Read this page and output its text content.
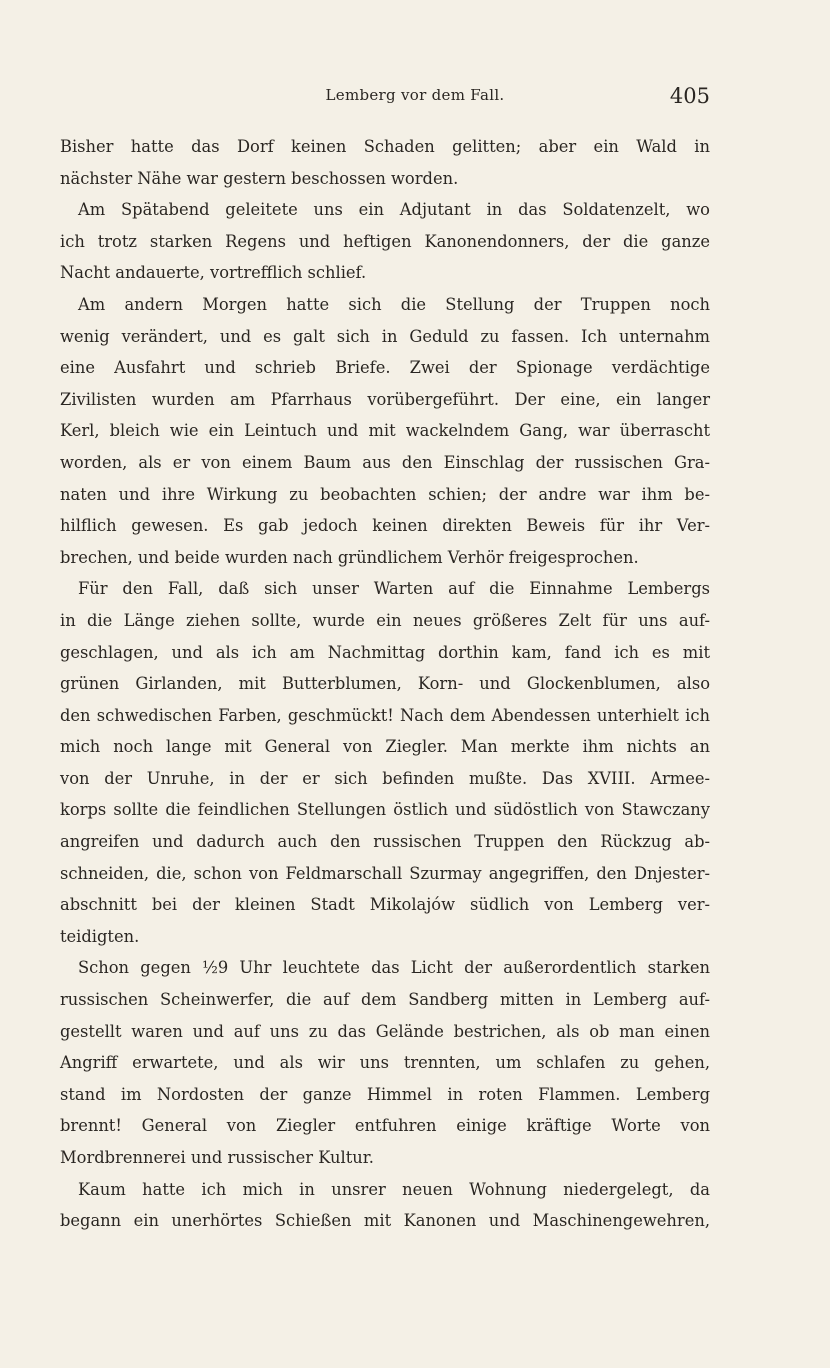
Lemberg vor dem Fall.	405
Bisher hatte das Dorf keinen Schaden gelitten; aber ein Wald in
nächster Nähe war gestern beschossen worden.
Am Spätabend geleitete uns ein Adjutant in das Soldatenzelt, wo
ich trotz starken Regens und heftigen Kanonendonners, der die ganze
Nacht andauerte, vortrefflich schlief.
Am andern Morgen hatte sich die Stellung der Truppen noch
wenig verändert, und es galt sich in Geduld zu fassen. Ich unternahm
eine Ausfahrt und schrieb Briefe. Zwei der Spionage verdächtige
Zivilisten wurden am Pfarrhaus vorübergeführt. Der eine, ein langer
Kerl, bleich wie ein Leintuch und mit wackelndem Gang, war überrascht
worden, als er von einem Baum aus den Einschlag der russischen Gra-
naten und ihre Wirkung zu beobachten schien; der andre war ihm be-
hilflich gewesen. Es gab jedoch keinen direkten Beweis für ihr Ver-
brechen, und beide wurden nach gründlichem Verhör freigesprochen.
Für den Fall, daß sich unser Warten auf die Einnahme Lembergs
in die Länge ziehen sollte, wurde ein neues größeres Zelt für uns auf-
geschlagen, und als ich am Nachmittag dorthin kam, fand ich es mit
grünen Girlanden, mit Butterblumen, Korn- und Glockenblumen, also
den schwedischen Farben, geschmückt! Nach dem Abendessen unterhielt ich
mich noch lange mit General von Ziegler. Man merkte ihm nichts an
von der Unruhe, in der er sich befinden mußte. Das XVIII. Armee-
korps sollte die feindlichen Stellungen östlich und südöstlich von Stawczany
angreifen und dadurch auch den russischen Truppen den Rückzug ab-
schneiden, die, schon von Feldmarschall Szurmay angegriffen, den Dnjester-
abschnitt bei der kleinen Stadt Mikolajów südlich von Lemberg ver-
teidigten.
Schon gegen ½9 Uhr leuchtete das Licht der außerordentlich starken
russischen Scheinwerfer, die auf dem Sandberg mitten in Lemberg auf-
gestellt waren und auf uns zu das Gelände bestrichen, als ob man einen
Angriff erwartete, und als wir uns trennten, um schlafen zu gehen,
stand im Nordosten der ganze Himmel in roten Flammen. Lemberg
brennt! General von Ziegler entfuhren einige kräftige Worte von
Mordbrennerei und russischer Kultur.
Kaum hatte ich mich in unsrer neuen Wohnung niedergelegt, da
begann ein unerhörtes Schießen mit Kanonen und Maschinengewehren,
